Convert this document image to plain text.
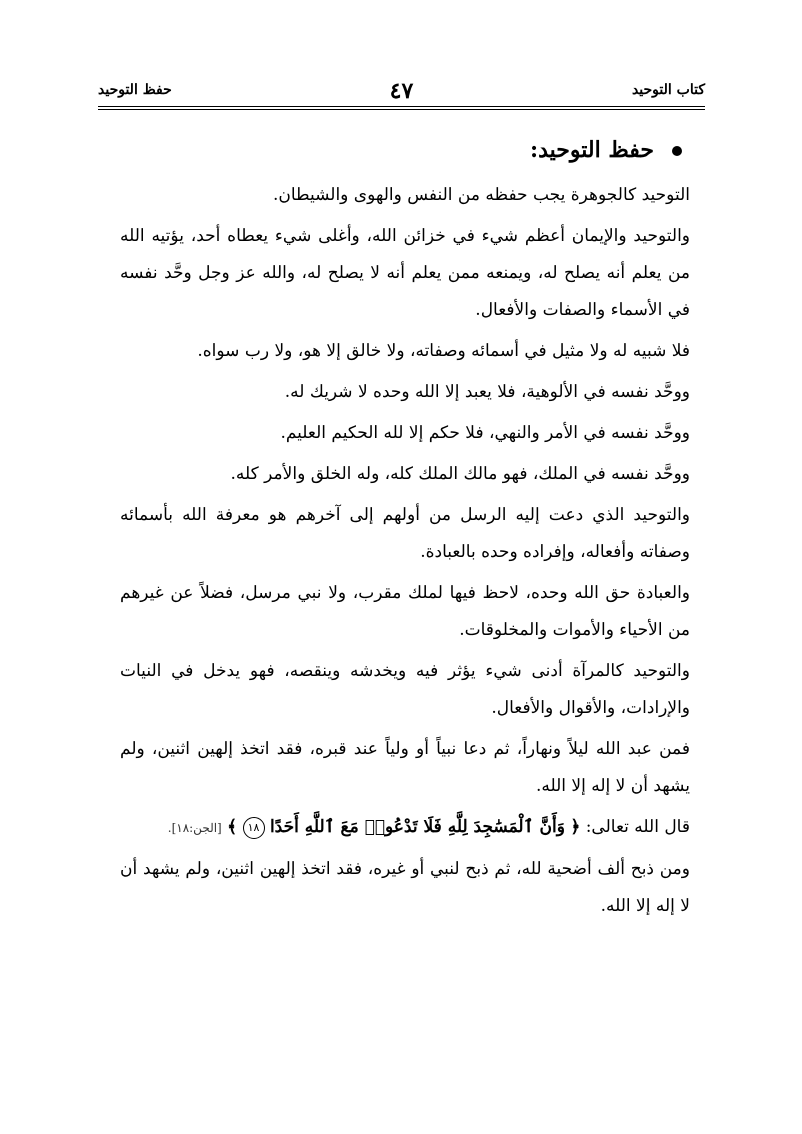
كتاب التوحيد
٤٧
حفظ التوحيد
حفظ التوحيد:

التوحيد كالجوهرة يجب حفظه من النفس والهوى والشيطان.

والتوحيد والإيمان أعظم شيء في خزائن الله، وأغلى شيء يعطاه أحد، يؤتيه الله من يعلم أنه يصلح له، ويمنعه ممن يعلم أنه لا يصلح له، والله عز وجل وحَّد نفسه في الأسماء والصفات والأفعال.

فلا شبيه له ولا مثيل في أسمائه وصفاته، ولا خالق إلا هو، ولا رب سواه.

ووحَّد نفسه في الألوهية، فلا يعبد إلا الله وحده لا شريك له.

ووحَّد نفسه في الأمر والنهي، فلا حكم إلا لله الحكيم العليم.

ووحَّد نفسه في الملك، فهو مالك الملك كله، وله الخلق والأمر كله.

والتوحيد الذي دعت إليه الرسل من أولهم إلى آخرهم هو معرفة الله بأسمائه وصفاته وأفعاله، وإفراده وحده بالعبادة.

والعبادة حق الله وحده، لاحظ فيها لملك مقرب، ولا نبي مرسل، فضلاً عن غيرهم من الأحياء والأموات والمخلوقات.

والتوحيد كالمرآة أدنى شيء يؤثر فيه ويخدشه وينقصه، فهو يدخل في النيات والإرادات، والأقوال والأفعال.

فمن عبد الله ليلاً ونهاراً، ثم دعا نبياً أو ولياً عند قبره، فقد اتخذ إلهين اثنين، ولم يشهد أن لا إله إلا الله.

قال الله تعالى: ﴿ وَأَنَّ ٱلْمَسَٰجِدَ لِلَّهِ فَلَا تَدْعُوا۟ مَعَ ٱللَّهِ أَحَدًا ١٨ ﴾ [الجن:١٨].

ومن ذبح ألف أضحية لله، ثم ذبح لنبي أو غيره، فقد اتخذ إلهين اثنين، ولم يشهد أن لا إله إلا الله.
